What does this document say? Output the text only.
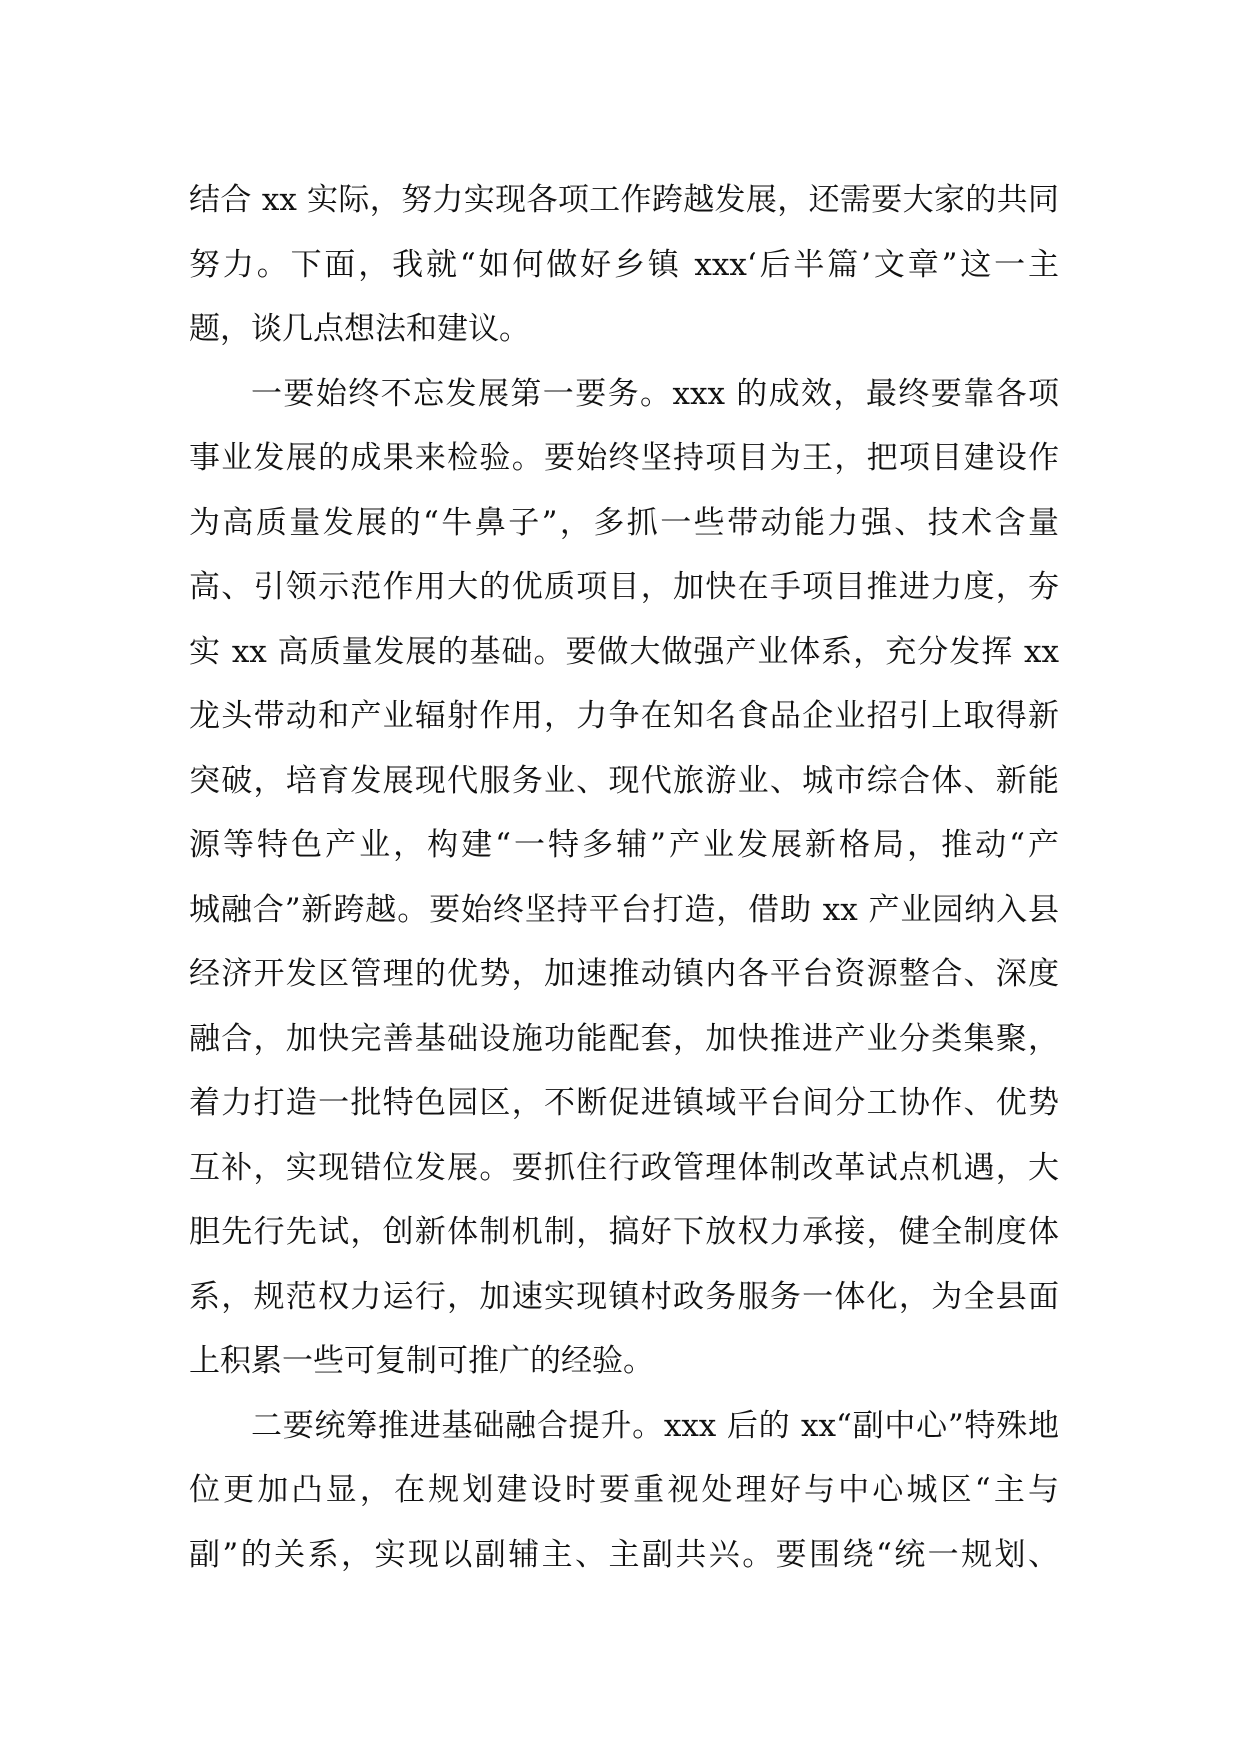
结合 xx 实际，努力实现各项工作跨越发展，还需要大家的共同
努力。下面，我就“如何做好乡镇 xxx‘后半篇’文章”这一主
题，谈几点想法和建议。
一要始终不忘发展第一要务。xxx 的成效，最终要靠各项
事业发展的成果来检验。要始终坚持项目为王，把项目建设作
为高质量发展的“牛鼻子”，多抓一些带动能力强、技术含量
高、引领示范作用大的优质项目，加快在手项目推进力度，夯
实 xx 高质量发展的基础。要做大做强产业体系，充分发挥 xx
龙头带动和产业辐射作用，力争在知名食品企业招引上取得新
突破，培育发展现代服务业、现代旅游业、城市综合体、新能
源等特色产业，构建“一特多辅”产业发展新格局，推动“产
城融合”新跨越。要始终坚持平台打造，借助 xx 产业园纳入县
经济开发区管理的优势，加速推动镇内各平台资源整合、深度
融合，加快完善基础设施功能配套，加快推进产业分类集聚，
着力打造一批特色园区，不断促进镇域平台间分工协作、优势
互补，实现错位发展。要抓住行政管理体制改革试点机遇，大
胆先行先试，创新体制机制，搞好下放权力承接，健全制度体
系，规范权力运行，加速实现镇村政务服务一体化，为全县面
上积累一些可复制可推广的经验。
二要统筹推进基础融合提升。xxx 后的 xx“副中心”特殊地
位更加凸显，在规划建设时要重视处理好与中心城区“主与
副”的关系，实现以副辅主、主副共兴。要围绕“统一规划、
